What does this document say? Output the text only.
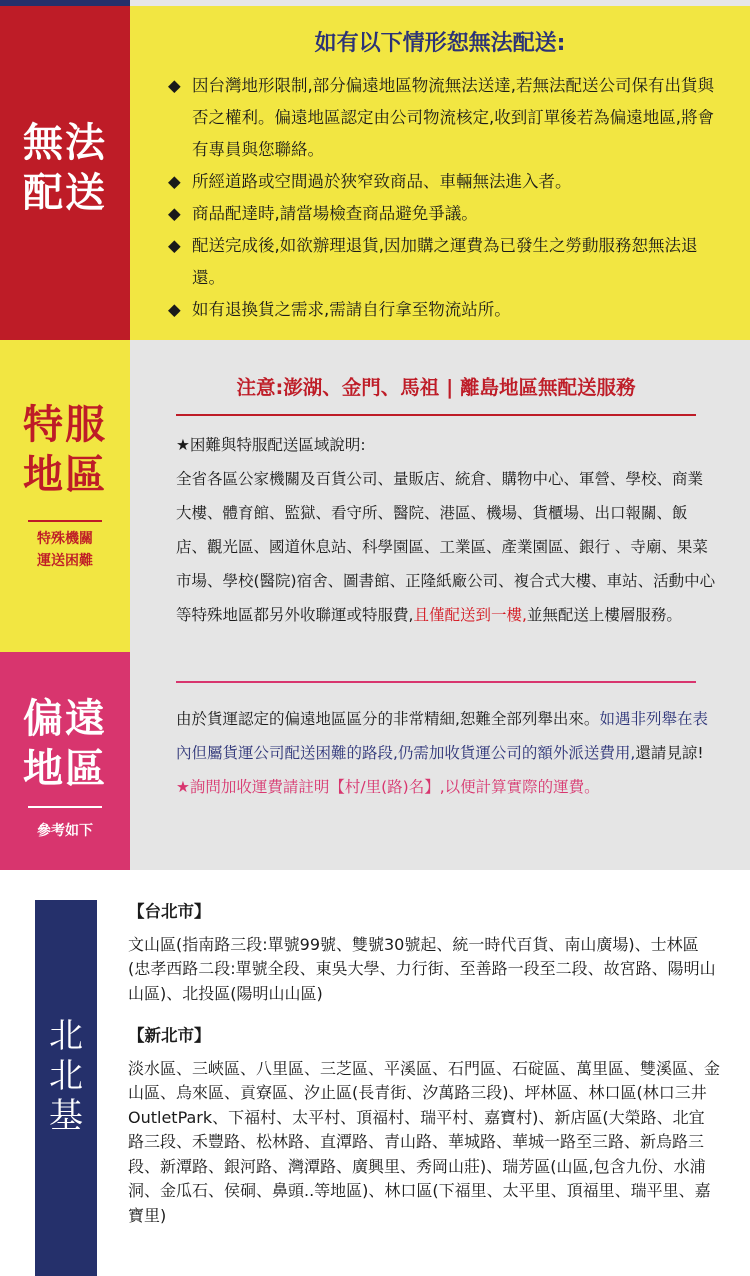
無法
配送
如有以下情形恕無法配送:
◆ 因台灣地形限制,部分偏遠地區物流無法送達,若無法配送公司保有出貨與否之權利。偏遠地區認定由公司物流核定,收到訂單後若為偏遠地區,將會有專員與您聯絡。
◆ 所經道路或空間過於狹窄致商品、車輛無法進入者。
◆ 商品配達時,請當場檢查商品避免爭議。
◆ 配送完成後,如欲辦理退貨,因加購之運費為已發生之勞動服務恕無法退還。
◆ 如有退換貨之需求,需請自行拿至物流站所。
特服
地區
特殊機關
運送困難
注意:澎湖、金門、馬祖 | 離島地區無配送服務
★困難與特服配送區域說明:
全省各區公家機關及百貨公司、量販店、統倉、購物中心、軍營、學校、商業大樓、體育館、監獄、看守所、醫院、港區、機場、貨櫃場、出口報關、飯店、觀光區、國道休息站、科學園區、工業區、產業園區、銀行 、寺廟、果菜市場、學校(醫院)宿舍、圖書館、正隆紙廠公司、複合式大樓、車站、活動中心等特殊地區都另外收聯運或特服費,且僅配送到一樓,並無配送上樓層服務。
偏遠
地區
參考如下
由於貨運認定的偏遠地區區分的非常精細,恕難全部列舉出來。如遇非列舉在表內但屬貨運公司配送困難的路段,仍需加收貨運公司的額外派送費用,還請見諒!★詢問加收運費請註明【村/里(路)名】,以便計算實際的運費。
北
北
基

【台北市】

文山區(指南路三段:單號99號、雙號30號起、統一時代百貨、南山廣場)、士林區(忠孝西路二段:單號全段、東吳大學、力行街、至善路一段至二段、故宮路、陽明山山區)、北投區(陽明山山區)

【新北市】

淡水區、三峽區、八里區、三芝區、平溪區、石門區、石碇區、萬里區、雙溪區、金山區、烏來區、貢寮區、汐止區(長青街、汐萬路三段)、坪林區、林口區(林口三井OutletPark、下福村、太平村、頂福村、瑞平村、嘉寶村)、新店區(大榮路、北宜路三段、禾豐路、松林路、直潭路、青山路、華城路、華城一路至三路、新烏路三段、新潭路、銀河路、灣潭路、廣興里、秀岡山莊)、瑞芳區(山區,包含九份、水浦洞、金瓜石、侯硐、鼻頭..等地區)、林口區(下福里、太平里、頂福里、瑞平里、嘉寶里)
